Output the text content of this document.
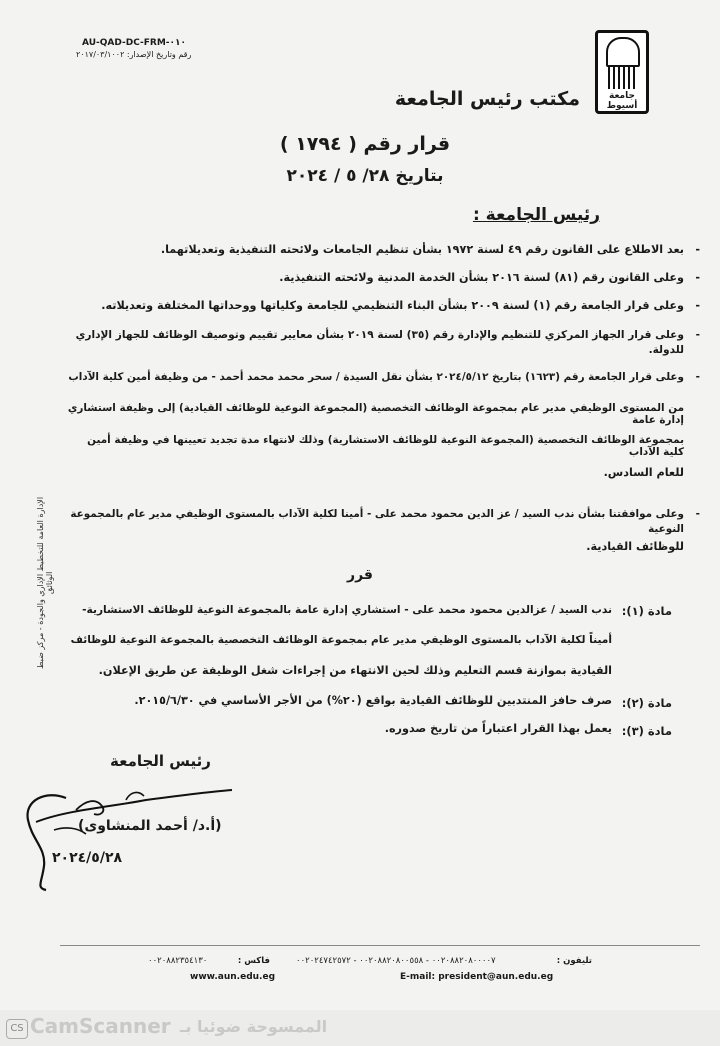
AU-QAD-DC-FRM-٠١٠
رقم وتاريخ الإصدار: ٢٠١٧/٠٣/١٠٠٢
جامعة أسيوط
مكتب رئيس الجامعة
قرار رقم ( ١٧٩٤ )
بتاريخ ٢٨/ ٥ / ٢٠٢٤
رئيس الجامعة :
-
بعد الاطلاع على القانون رقم ٤٩ لسنة ١٩٧٢ بشأن تنظيم الجامعات ولائحته التنفيذية وتعديلاتهما.
-
وعلى القانون رقم (٨١) لسنة ٢٠١٦ بشأن الخدمة المدنية ولائحته التنفيذية.
-
وعلى قرار الجامعة رقم (١) لسنة ٢٠٠٩ بشأن البناء التنظيمي للجامعة وكلياتها ووحداتها المختلفة وتعديلاته.
-
وعلى قرار الجهاز المركزي للتنظيم والإدارة رقم (٣٥) لسنة ٢٠١٩ بشأن معايير تقييم وتوصيف الوظائف للجهاز الإداري للدولة.
-
وعلى قرار الجامعة رقم (١٦٢٣) بتاريخ ٢٠٢٤/٥/١٢ بشأن نقل السيدة / سحر محمد محمد أحمد - من وظيفة أمين كلية الآداب
من المستوى الوظيفي مدير عام بمجموعة الوظائف التخصصية (المجموعة النوعية للوظائف القيادية) إلى وظيفة استشاري إدارة عامة
بمجموعة الوظائف التخصصية (المجموعة النوعية للوظائف الاستشارية) وذلك لانتهاء مدة تجديد تعيينها في وظيفة أمين كلية الآداب
للعام السادس.
-
وعلى موافقتنا بشأن ندب السيد / عز الدين محمود محمد على - أمينا لكلية الآداب بالمستوى الوظيفي مدير عام بالمجموعة النوعية
للوظائف القيادية.
قرر
مادة (١):
ندب السيد / عزالدين محمود محمد على - استشاري إدارة عامة بالمجموعة النوعية للوظائف الاستشارية-
أميناً لكلية الآداب بالمستوى الوظيفي مدير عام بمجموعة الوظائف التخصصية بالمجموعة النوعية للوظائف
القيادية بموازنة قسم التعليم وذلك لحين الانتهاء من إجراءات شغل الوظيفة عن طريق الإعلان.
مادة (٢):
صرف حافز المنتدبين للوظائف القيادية بواقع (٢٠%) من الأجر الأساسي في ٢٠١٥/٦/٣٠.
مادة (٣):
يعمل بهذا القرار اعتباراً من تاريخ صدوره.
الإدارة العامة للتخطيط الإداري والجودة - مركز ضبط الوثائق
رئيس الجامعة
(أ.د/ أحمد المنشاوى)
٢٠٢٤/٥/٢٨
تليفون :
٠٠٢٠٨٨٢٠٨٠٠٠٠٧ - ٠٠٢٠٨٨٢٠٨٠٠٥٥٨ - ٠٠٢٠٢٤٧٤٢٥٧٢
فاكس :
٠٠٢٠٨٨٢٣٥٤١٣٠
E-mail: president@aun.edu.eg
www.aun.edu.eg
CS CamScanner الممسوحة ضوئيا بـ
